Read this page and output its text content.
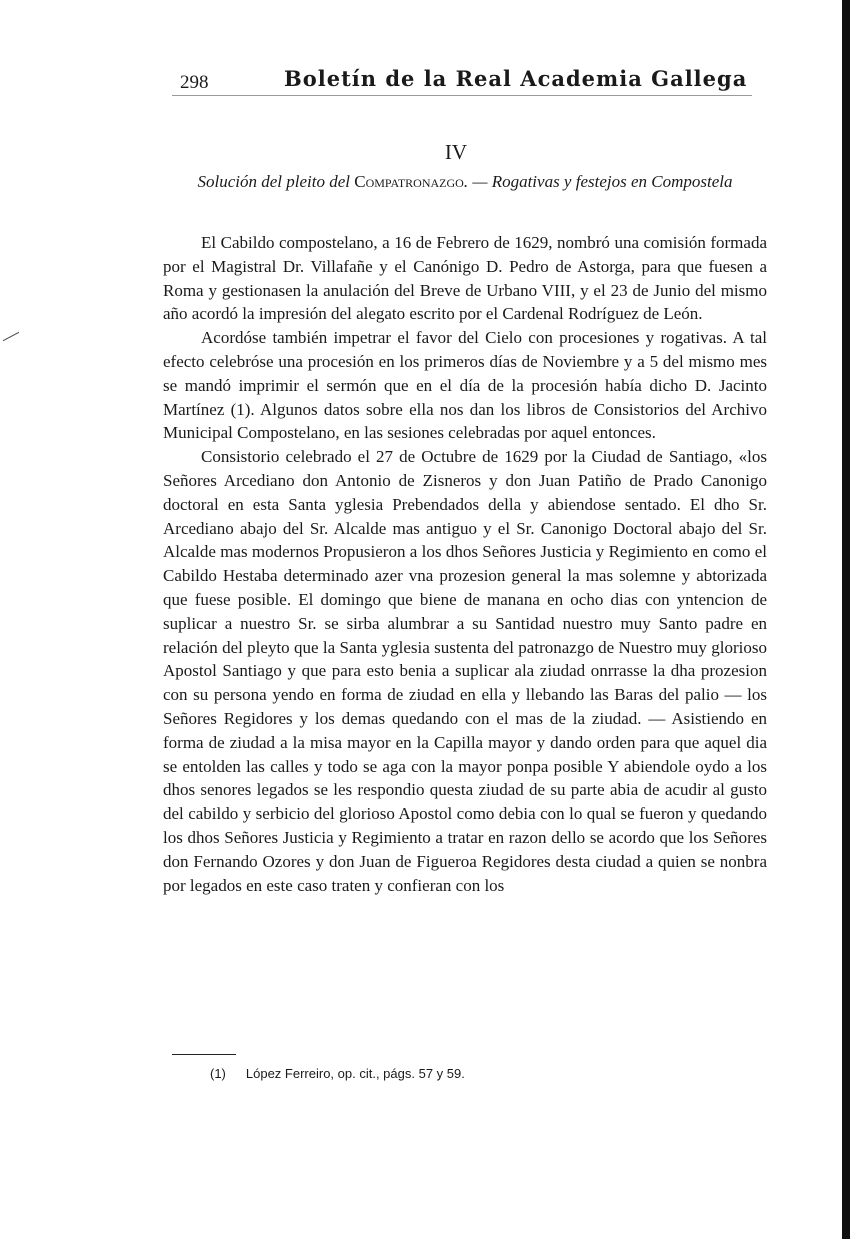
298	Boletín de la Real Academia Gallega
IV
Solución del pleito del Compatronazgo. — Rogativas y festejos en Compostela

El Cabildo compostelano, a 16 de Febrero de 1629, nombró una comisión formada por el Magistral Dr. Villafañe y el Canónigo D. Pedro de Astorga, para que fuesen a Roma y gestionasen la anulación del Breve de Urbano VIII, y el 23 de Junio del mismo año acordó la impresión del alegato escrito por el Cardenal Rodríguez de León.

Acordóse también impetrar el favor del Cielo con procesiones y rogativas. A tal efecto celebróse una procesión en los primeros días de Noviembre y a 5 del mismo mes se mandó imprimir el sermón que en el día de la procesión había dicho D. Jacinto Martínez (1). Algunos datos sobre ella nos dan los libros de Consistorios del Archivo Municipal Compostelano, en las sesiones celebradas por aquel entonces.

Consistorio celebrado el 27 de Octubre de 1629 por la Ciudad de Santiago, «los Señores Arcediano don Antonio de Zisneros y don Juan Patiño de Prado Canonigo doctoral en esta Santa yglesia Prebendados della y abiendose sentado. El dho Sr. Arcediano abajo del Sr. Alcalde mas antiguo y el Sr. Canonigo Doctoral abajo del Sr. Alcalde mas modernos Propusieron a los dhos Señores Justicia y Regimiento en como el Cabildo Hestaba determinado azer vna prozesion general la mas solemne y abtorizada que fuese posible. El domingo que biene de manana en ocho dias con yntencion de suplicar a nuestro Sr. se sirba alumbrar a su Santidad nuestro muy Santo padre en relación del pleyto que la Santa yglesia sustenta del patronazgo de Nuestro muy glorioso Apostol Santiago y que para esto benia a suplicar ala ziudad onrrasse la dha prozesion con su persona yendo en forma de ziudad en ella y llebando las Baras del palio — los Señores Regidores y los demas quedando con el mas de la ziudad. — Asistiendo en forma de ziudad a la misa mayor en la Capilla mayor y dando orden para que aquel dia se entolden las calles y todo se aga con la mayor ponpa posible Y abiendole oydo a los dhos senores legados se les respondio questa ziudad de su parte abia de acudir al gusto del cabildo y serbicio del glorioso Apostol como debia con lo qual se fueron y quedando los dhos Señores Justicia y Regimiento a tratar en razon dello se acordo que los Señores don Fernando Ozores y don Juan de Figueroa Regidores desta ciudad a quien se nonbra por legados en este caso traten y confieran con los

(1) López Ferreiro, op. cit., págs. 57 y 59.
